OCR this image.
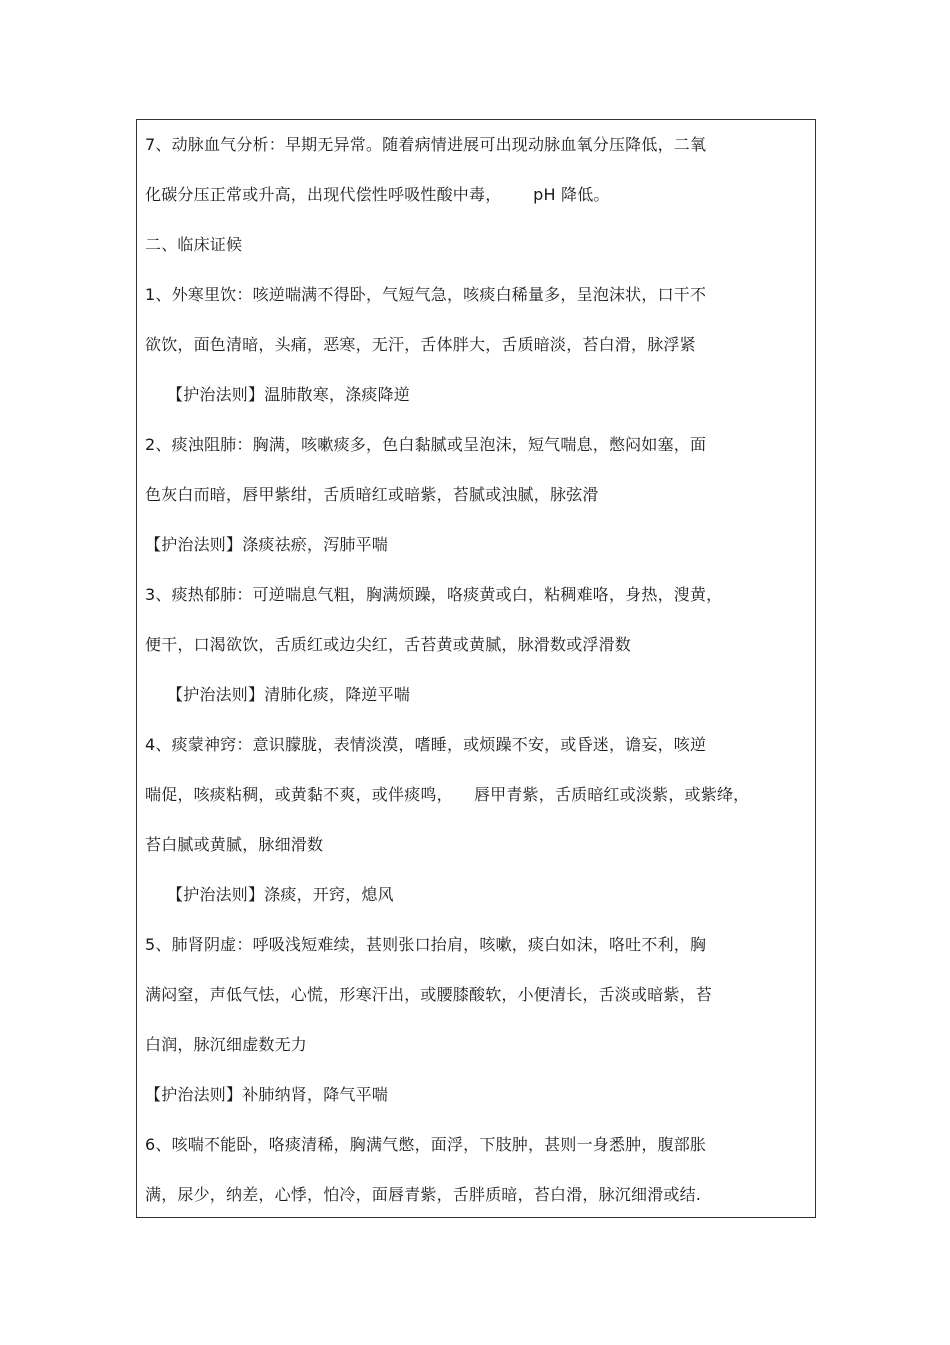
7、动脉血气分析：早期无异常。随着病情进展可出现动脉血氧分压降低，二氧
化碳分压正常或升高，出现代偿性呼吸性酸中毒，      pH 降低。
二、临床证候
1、外寒里饮：咳逆喘满不得卧，气短气急，咳痰白稀量多，呈泡沫状，口干不
欲饮，面色清暗，头痛，恶寒，无汗，舌体胖大，舌质暗淡，苔白滑，脉浮紧
【护治法则】温肺散寒，涤痰降逆
2、痰浊阻肺：胸满，咳嗽痰多，色白黏腻或呈泡沫，短气喘息，憋闷如塞，面
色灰白而暗，唇甲紫绀，舌质暗红或暗紫，苔腻或浊腻，脉弦滑
【护治法则】涤痰祛瘀，泻肺平喘
3、痰热郁肺：可逆喘息气粗，胸满烦躁，咯痰黄或白，粘稠难咯，身热，溲黄，
便干，口渴欲饮，舌质红或边尖红，舌苔黄或黄腻，脉滑数或浮滑数
【护治法则】清肺化痰，降逆平喘
4、痰蒙神窍：意识朦胧，表情淡漠，嗜睡，或烦躁不安，或昏迷，谵妄，咳逆
喘促，咳痰粘稠，或黄黏不爽，或伴痰鸣，    唇甲青紫，舌质暗红或淡紫，或紫绛，
苔白腻或黄腻，脉细滑数
【护治法则】涤痰，开窍，熄风
5、肺肾阴虚：呼吸浅短难续，甚则张口抬肩，咳嗽，痰白如沫，咯吐不利，胸
满闷窒，声低气怯，心慌，形寒汗出，或腰膝酸软，小便清长，舌淡或暗紫，苔
白润，脉沉细虚数无力
【护治法则】补肺纳肾，降气平喘
6、咳喘不能卧，咯痰清稀，胸满气憋，面浮，下肢肿，甚则一身悉肿，腹部胀
满，尿少，纳差，心悸，怕冷，面唇青紫，舌胖质暗，苔白滑，脉沉细滑或结.
